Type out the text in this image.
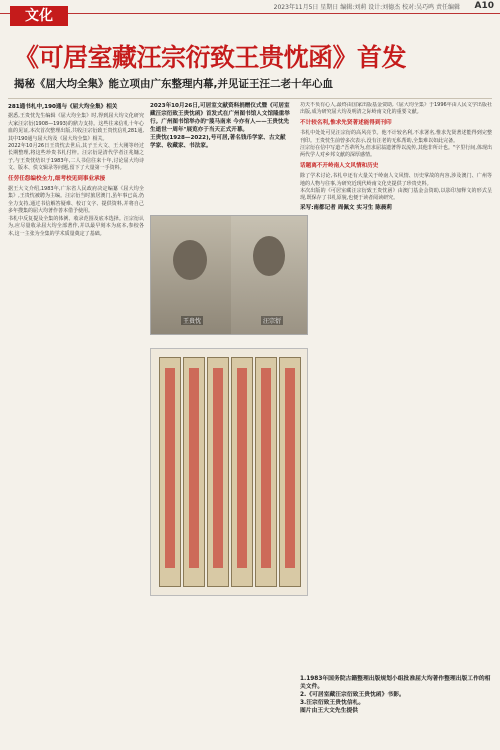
2023年11月5日 星期日 编辑:刘莉 设计:刘德杰 校对:吴巧鸣 责任编辑 A10
文化
《可居室藏汪宗衍致王贵忱函》首发
揭秘《屈大均全集》能立项由广东整理内幕,并见证王汪二老十年心血
281通书札中,190通与《屈大均全集》相关

据悉,王贵忱先生编辑《屈大均全集》时,得到屈大均文化研究大家汪宗衍(1908—1993)的鼎力支持。这些往来信札十年心血的见证,本次首次整理出版,共收汪宗衍致王贵忱信札281通,其中190通与屈大均及《屈大均全集》相关。

2022年10月26日王贵忱去世后,其子王大文、王大刚等经过长期整理,将这些珍贵书札付梓。汪宗衍是清代学者汪兆镛之子,与王贵忱结识于1983年,二人书信往来十年,讨论屈大均诗文、版本、佚文辑录等问题,留下了大量第一手资料。

任劳任怨编校全力,细考校见到事业承接

据王大文介绍,1983年,广东省人民政府决定编纂《屈大均全集》,王贵忱被聘为主编。汪宗衍当时旅居澳门,虽年事已高,仍全力支持,通过书信解答疑难、校订文字、提供资料,并将自己多年搜集的屈大均著作善本借予使用。

书札中反复提及全集的体例、收录范围及底本选择。汪宗衍认为,应尽量收录屈大均全部著作,并以最早刻本为底本,参校各本,这一主张为全集的学术质量奠定了基础。

2023年10月26日,可居室文献资料捐赠仪式暨《可居室藏汪宗衍致王贵忱函》首发式在广州图书馆人文馆隆重举行。广州图书馆举办的"蔑马南来 今亦有人——王贵忱先生逝世一周年"展览亦于当天正式开幕。

王贵忱(1928—2022),号可居,著名钱币学家、古文献学家、收藏家、书法家。

王贵忱	汪宗衍

功夫不负有心人,最终由国家出版基金资助,《屈大均全集》于1996年由人民文学出版社出版,成为研究屈大均及明清之际岭南文化的重要文献。

不计较名利,惟求先贤著述能得到刊印

书札中处处可见汪宗衍的高风亮节。他不计较名利,不求署名,惟求先贤著述能得到完整刊印。王贵忱生前曾多次表示,没有汪老的无私帮助,全集难以如此完备。

汪宗衍在信中写道:"吾辈所为,但求屈翁遗著得以流传,其他非所计也。"字里行间,体现出两代学人对乡邦文献的深厚感情。

话题离不开岭南人文风情和历史

除了学术讨论,书札中还有大量关于岭南人文风情、历史掌故的内容,涉及澳门、广州等地的人物与往事,为研究近现代岭南文化史提供了珍贵史料。

本次出版的《可居室藏汪宗衍致王贵忱函》由澳门基金会资助,以影印加释文的形式呈现,既保存了书札原貌,也便于读者阅读研究。

采写:南都记者 周佩文 实习生 陈晨莉

1.1983年国务院古籍整理出版规划小组批准屈大均著作整理出版工作的相关文件。
2.《可居室藏汪宗衍致王贵忱函》书影。
3.汪宗衍致王贵忱信札。
图片由王大文先生提供
